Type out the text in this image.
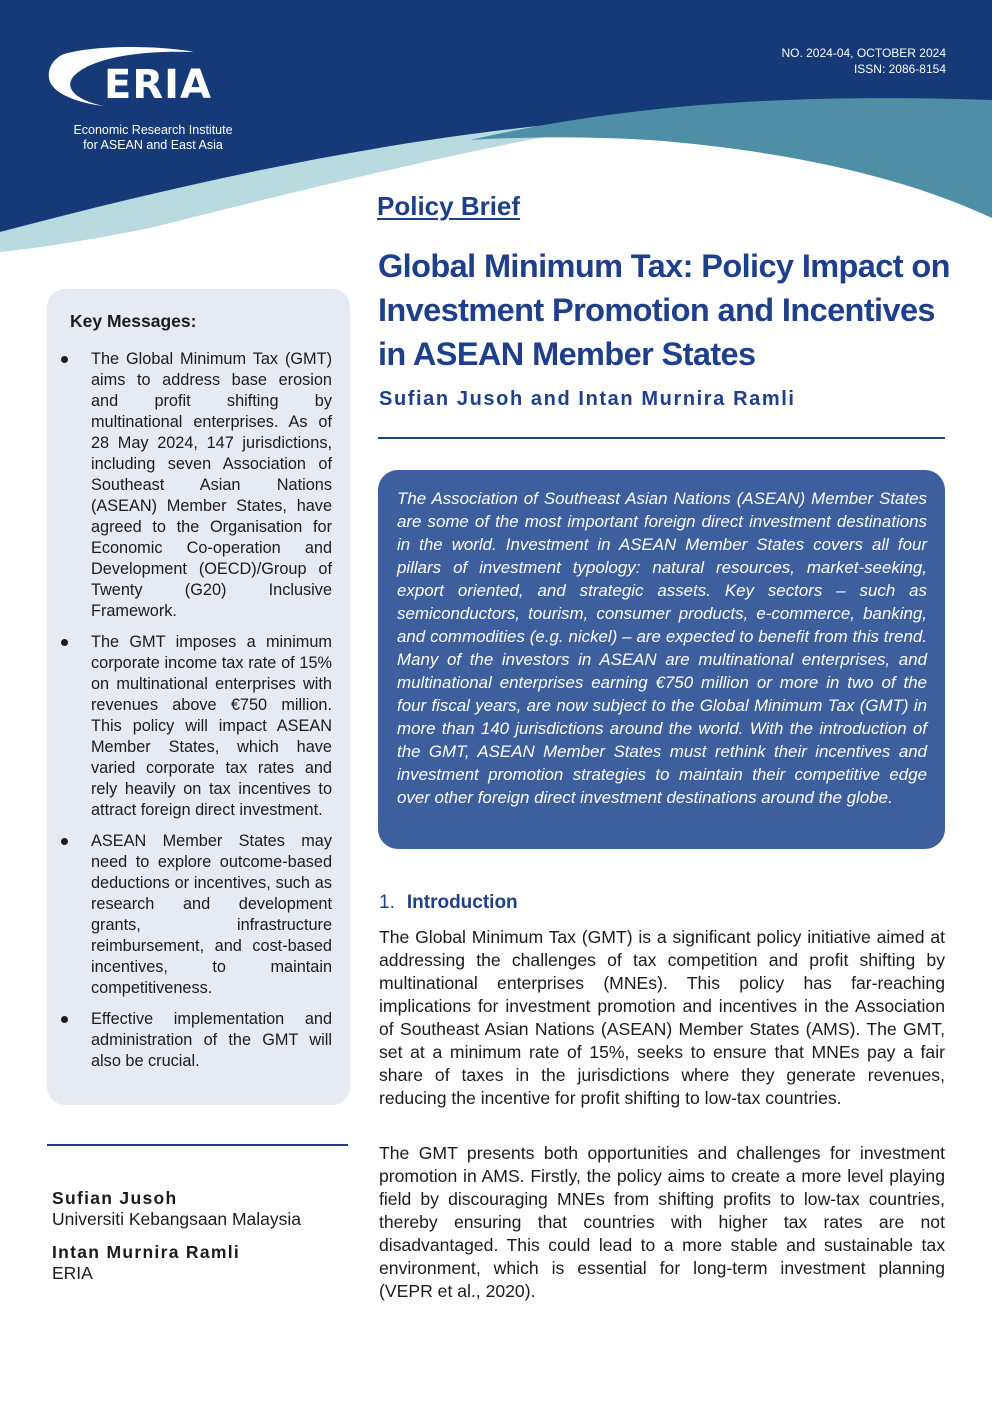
ERIA
Economic Research Institute
for ASEAN and East Asia
NO. 2024-04, OCTOBER 2024
ISSN: 2086-8154
Policy Brief
Global Minimum Tax: Policy Impact on Investment Promotion and Incentives in ASEAN Member States
Sufian Jusoh and Intan Murnira Ramli
The Association of Southeast Asian Nations (ASEAN) Member States are some of the most important foreign direct investment destinations in the world. Investment in ASEAN Member States covers all four pillars of investment typology: natural resources, market-seeking, export oriented, and strategic assets. Key sectors – such as semiconductors, tourism, consumer products, e-commerce, banking, and commodities (e.g. nickel) – are expected to benefit from this trend. Many of the investors in ASEAN are multinational enterprises, and multinational enterprises earning €750 million or more in two of the four fiscal years, are now subject to the Global Minimum Tax (GMT) in more than 140 jurisdictions around the world. With the introduction of the GMT, ASEAN Member States must rethink their incentives and investment promotion strategies to maintain their competitive edge over other foreign direct investment destinations around the globe.
Key Messages:
The Global Minimum Tax (GMT) aims to address base erosion and profit shifting by multinational enterprises. As of 28 May 2024, 147 jurisdictions, including seven Association of Southeast Asian Nations (ASEAN) Member States, have agreed to the Organisation for Economic Co-operation and Development (OECD)/Group of Twenty (G20) Inclusive Framework.
The GMT imposes a minimum corporate income tax rate of 15% on multinational enterprises with revenues above €750 million. This policy will impact ASEAN Member States, which have varied corporate tax rates and rely heavily on tax incentives to attract foreign direct investment.
ASEAN Member States may need to explore outcome-based deductions or incentives, such as research and development grants, infrastructure reimbursement, and cost-based incentives, to maintain competitiveness.
Effective implementation and administration of the GMT will also be crucial.
Sufian Jusoh
Universiti Kebangsaan Malaysia
Intan Murnira Ramli
ERIA
1. Introduction

The Global Minimum Tax (GMT) is a significant policy initiative aimed at addressing the challenges of tax competition and profit shifting by multinational enterprises (MNEs). This policy has far-reaching implications for investment promotion and incentives in the Association of Southeast Asian Nations (ASEAN) Member States (AMS). The GMT, set at a minimum rate of 15%, seeks to ensure that MNEs pay a fair share of taxes in the jurisdictions where they generate revenues, reducing the incentive for profit shifting to low-tax countries.

The GMT presents both opportunities and challenges for investment promotion in AMS. Firstly, the policy aims to create a more level playing field by discouraging MNEs from shifting profits to low-tax countries, thereby ensuring that countries with higher tax rates are not disadvantaged. This could lead to a more stable and sustainable tax environment, which is essential for long-term investment planning (VEPR et al., 2020).
